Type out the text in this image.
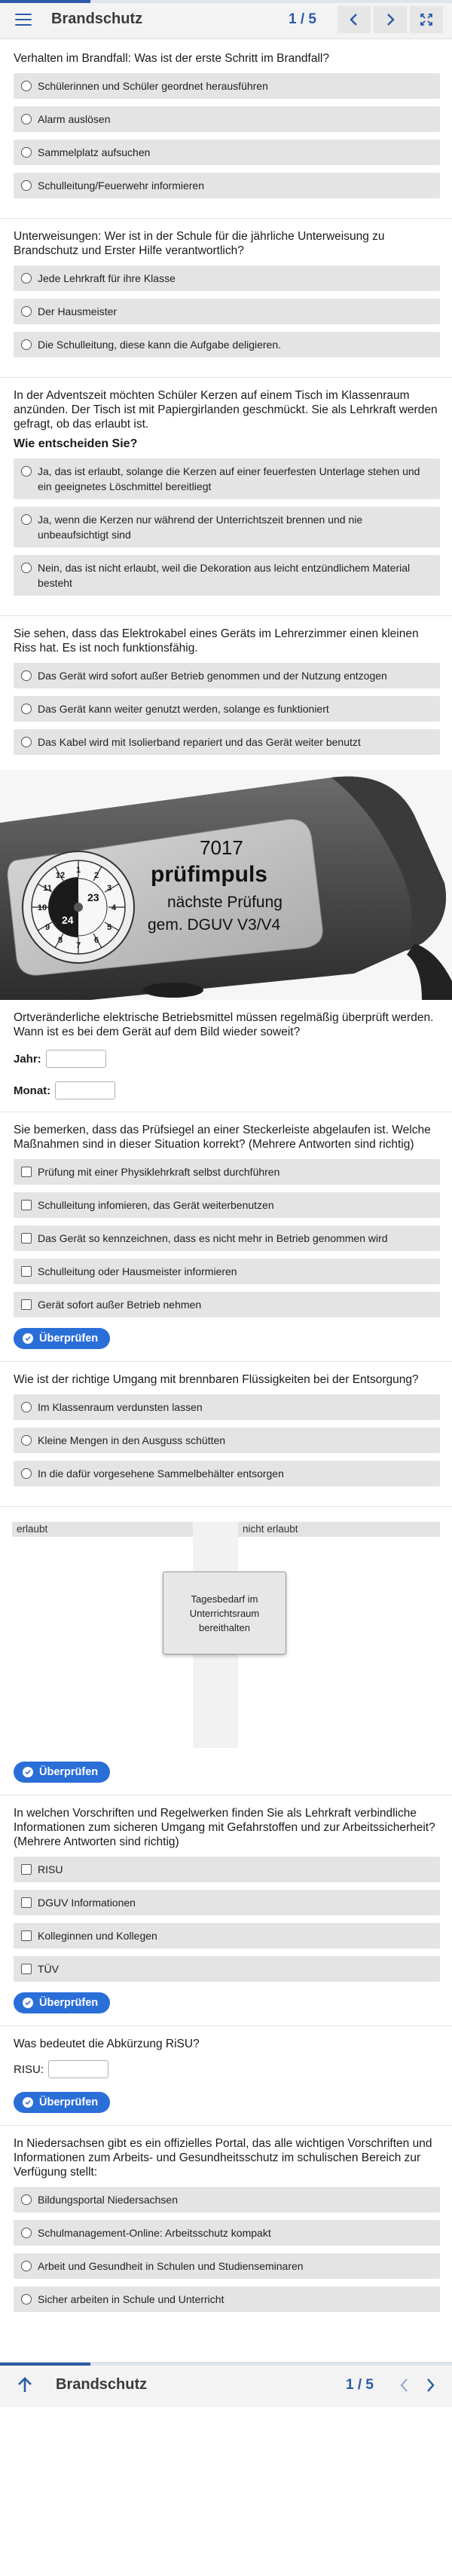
Brandschutz	1 / 5
Verhalten im Brandfall: Was ist der erste Schritt im Brandfall?
Schülerinnen und Schüler geordnet herausführen
Alarm auslösen
Sammelplatz aufsuchen
Schulleitung/Feuerwehr informieren
Unterweisungen: Wer ist in der Schule für die jährliche Unterweisung zu Brandschutz und Erster Hilfe verantwortlich?
Jede Lehrkraft für ihre Klasse
Der Hausmeister
Die Schulleitung, diese kann die Aufgabe deligieren.
In der Adventszeit möchten Schüler Kerzen auf einem Tisch im Klassenraum anzünden. Der Tisch ist mit Papiergirlanden geschmückt. Sie als Lehrkraft werden gefragt, ob das erlaubt ist.
Wie entscheiden Sie?
Ja, das ist erlaubt, solange die Kerzen auf einer feuerfesten Unterlage stehen und ein geeignetes Löschmittel bereitliegt
Ja, wenn die Kerzen nur während der Unterrichtszeit brennen und nie unbeaufsichtigt sind
Nein, das ist nicht erlaubt, weil die Dekoration aus leicht entzündlichem Material besteht
Sie sehen, dass das Elektrokabel eines Geräts im Lehrerzimmer einen kleinen Riss hat. Es ist noch funktionsfähig.
Das Gerät wird sofort außer Betrieb genommen und der Nutzung entzogen
Das Gerät kann weiter genutzt werden, solange es funktioniert
Das Kabel wird mit Isolierband repariert und das Gerät weiter benutzt
1
2
3
4
5
6
7
8
9
10
11
12
23
24
7017
prüfimpuls
nächste Prüfung
gem. DGUV V3/V4
Ortveränderliche elektrische Betriebsmittel müssen regelmäßig überprüft werden. Wann ist es bei dem Gerät auf dem Bild wieder soweit?
Jahr:
Monat:
Sie bemerken, dass das Prüfsiegel an einer Steckerleiste abgelaufen ist. Welche Maßnahmen sind in dieser Situation korrekt? (Mehrere Antworten sind richtig)
Prüfung mit einer Physiklehrkraft selbst durchführen
Schulleitung infomieren, das Gerät weiterbenutzen
Das Gerät so kennzeichnen, dass es nicht mehr in Betrieb genommen wird
Schulleitung oder Hausmeister informieren
Gerät sofort außer Betrieb nehmen
Überprüfen
Wie ist der richtige Umgang mit brennbaren Flüssigkeiten bei der Entsorgung?
Im Klassenraum verdunsten lassen
Kleine Mengen in den Ausguss schütten
In die dafür vorgesehene Sammelbehälter entsorgen
erlaubt	nicht erlaubt
Tagesbedarf im Unterrichtsraum bereithalten
Überprüfen
In welchen Vorschriften und Regelwerken finden Sie als Lehrkraft verbindliche Informationen zum sicheren Umgang mit Gefahrstoffen und zur Arbeitssicherheit? (Mehrere Antworten sind richtig)
RISU
DGUV Informationen
Kolleginnen und Kollegen
TÜV
Überprüfen
Was bedeutet die Abkürzung RiSU?
RISU:
Überprüfen
In Niedersachsen gibt es ein offizielles Portal, das alle wichtigen Vorschriften und Informationen zum Arbeits- und Gesundheitsschutz im schulischen Bereich zur Verfügung stellt:
Bildungsportal Niedersachsen
Schulmanagement-Online: Arbeitsschutz kompakt
Arbeit und Gesundheit in Schulen und Studienseminaren
Sicher arbeiten in Schule und Unterricht
Brandschutz	1 / 5
